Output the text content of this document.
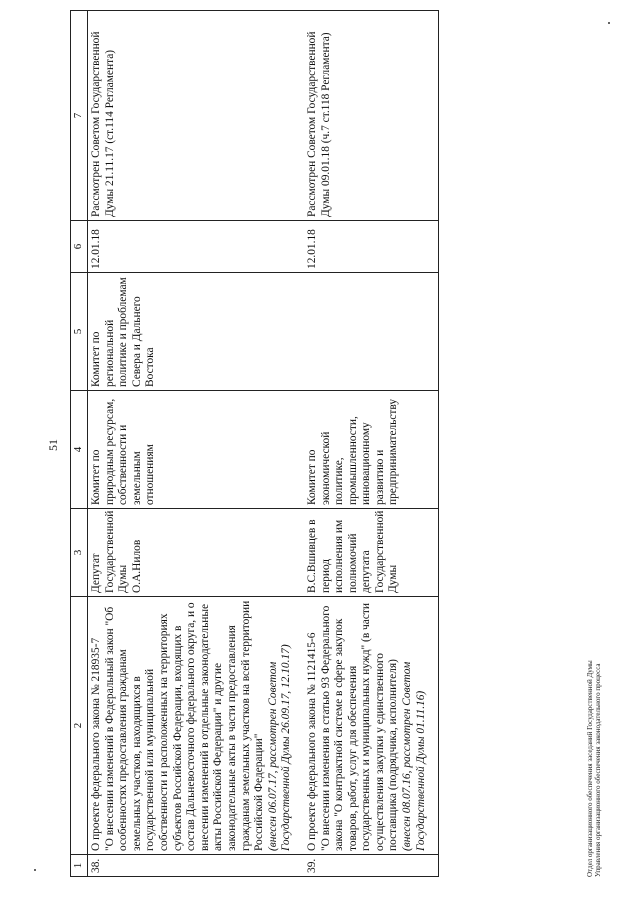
51
1	2	3	4	5	6	7
38.	О проекте федерального закона № 218935-7 "О внесении изменений в Федеральный закон "Об особенностях предоставления гражданам земельных участков, находящихся в государственной или муниципальной собственности и расположенных на территориях субъектов Российской Федерации, входящих в состав Дальневосточного федерального округа, и о внесении изменений в отдельные законодательные акты Российской Федерации" и другие законодательные акты в части предоставления гражданам земельных участков на всей территории Российской Федерации" (внесен 06.07.17, рассмотрен Советом Государственной Думы 26.09.17, 12.10.17)	Депутат Государственной Думы О.А.Нилов	Комитет по природным ресурсам, собственности и земельным отношениям	Комитет по региональной политике и проблемам Севера и Дальнего Востока	12.01.18	Рассмотрен Советом Государственной Думы 21.11.17 (ст.114 Регламента)
39.	О проекте федерального закона № 1121415-6 "О внесении изменения в статью 93 Федерального закона "О контрактной системе в сфере закупок товаров, работ, услуг для обеспечения государственных и муниципальных нужд" (в части осуществления закупки у единственного поставщика (подрядчика, исполнителя) (внесен 08.07.16, рассмотрен Советом Государственной Думы 01.11.16)	В.С.Вшивцев в период исполнения им полномочий депутата Государственной Думы	Комитет по экономической политике, промышленности, инновационному развитию и предпринимательству		12.01.18	Рассмотрен Советом Государственной Думы 09.01.18 (ч.7 ст.118 Регламента)
Отдел организационного обеспечения заседаний Государственной Думы Управления организационного обеспечения законодательного процесса
